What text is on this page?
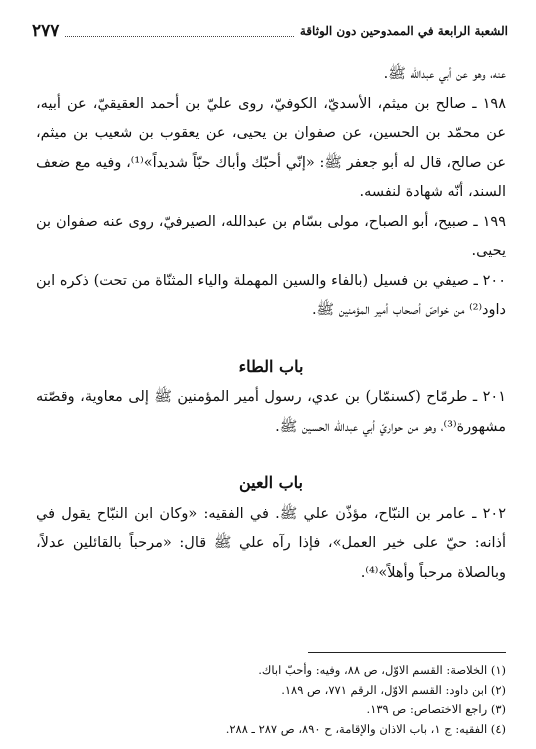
الشعبة الرابعة في الممدوحين دون الوثاقة
٢٧٧

عنه، وهو عن أبي عبدالله ﷺ.

١٩٨ ـ صالح بن ميثم، الأسديّ، الكوفيّ، روى عليّ بن أحمد العقيقيّ، عن أبيه، عن محمّد بن الحسين، عن صفوان بن يحيى، عن يعقوب بن شعيب بن ميثم، عن صالح، قال له أبو جعفر ﷺ: «إنّي أحبّك وأباك حبّاً شديداً»⁽¹⁾، وفيه مع ضعف السند، أنّه شهادة لنفسه.

١٩٩ ـ صبيح، أبو الصباح، مولى بسّام بن عبدالله، الصيرفيّ، روى عنه صفوان بن يحيى.

٢٠٠ ـ صيفي بن فسيل (بالفاء والسين المهملة والياء المثنّاة من تحت) ذكره ابن داود⁽²⁾ من خواصّ أصحاب أمير المؤمنين ﷺ.

باب الطاء

٢٠١ ـ طرمّاح (كسنمّار) بن عدي، رسول أمير المؤمنين ﷺ إلى معاوية، وقصّته مشهورة⁽³⁾، وهو من حواريّ أبي عبدالله الحسين ﷺ.

باب العين

٢٠٢ ـ عامر بن النبّاح، مؤذّن علي ﷺ. في الفقيه: «وكان ابن النبّاح يقول في أذانه: حيّ على خير العمل»، فإذا رآه علي ﷺ قال: «مرحباً بالقائلين عدلاً، وبالصلاة مرحباً وأهلاً»⁽⁴⁾.

(١) الخلاصة: القسم الاوّل، ص ٨٨، وفيه: وأحبّ اباك.

(٢) ابن داود: القسم الاوّل، الرقم ٧٧١، ص ١٨٩.

(٣) راجع الاختصاص: ص ١٣٩.

(٤) الفقيه: ج ١، باب الاذان والإقامة، ح ٨٩٠، ص ٢٨٧ ـ ٢٨٨.
